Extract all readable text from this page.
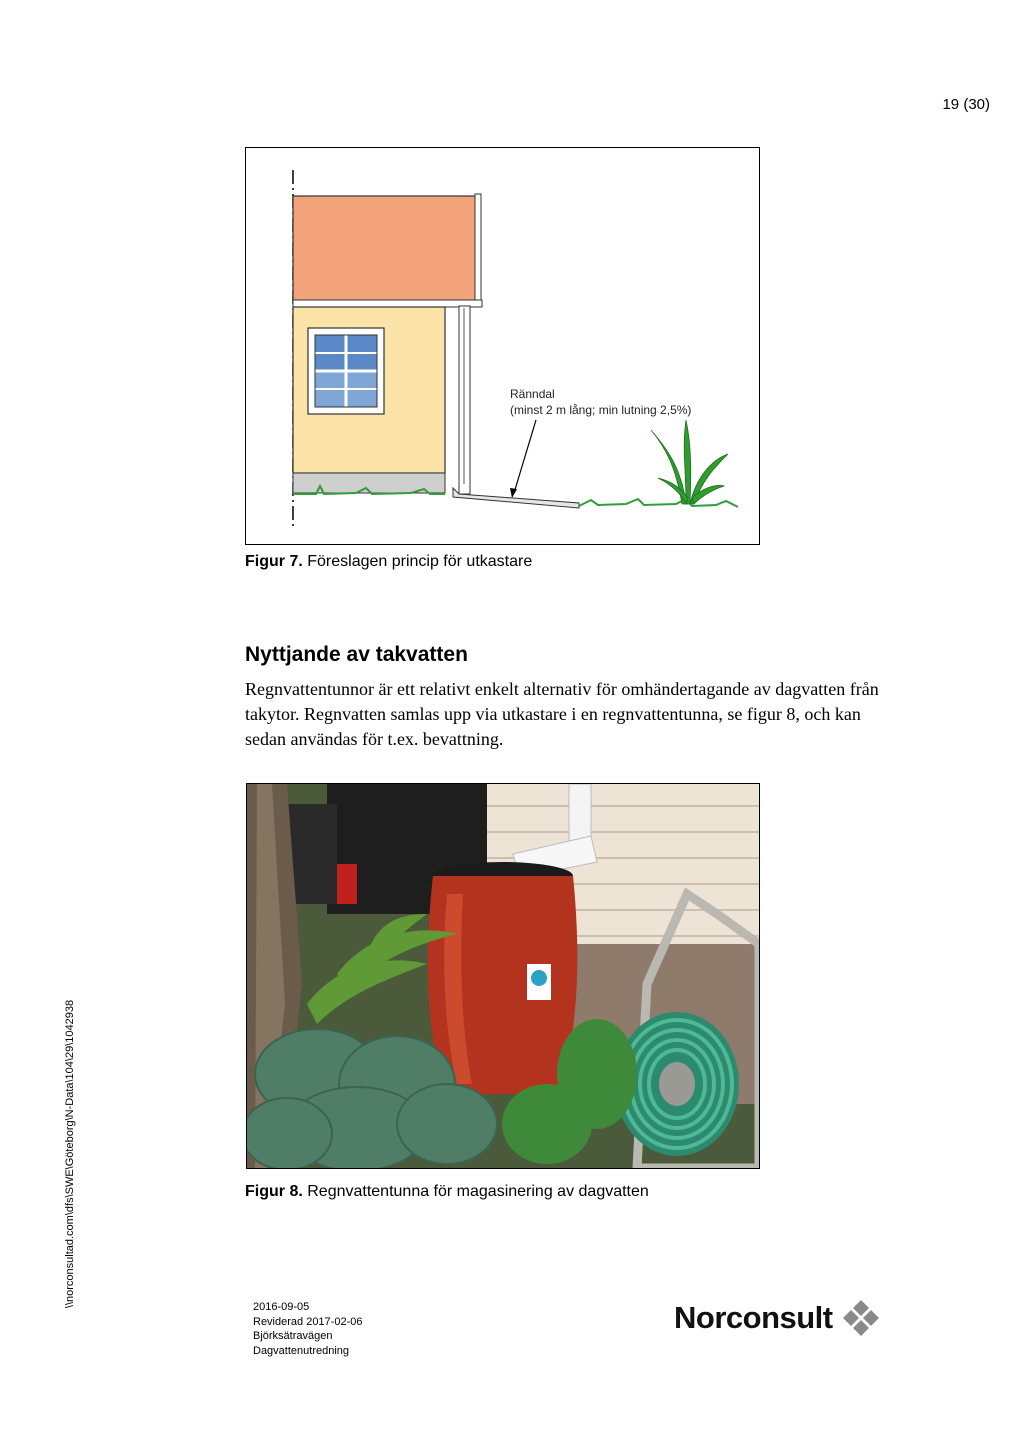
19 (30)
Ränndal
(minst 2 m lång; min lutning 2,5%)
Figur 7. Föreslagen princip för utkastare
Nyttjande av takvatten
Regnvattentunnor är ett relativt enkelt alternativ för omhändertagande av dagvatten från takytor. Regnvatten samlas upp via utkastare i en regnvattentunna, se figur 8, och kan sedan användas för t.ex. bevattning.
Figur 8. Regnvattentunna för magasinering av dagvatten
\\norconsultad.com\dfs\SWE\Göteborg\N-Data\104\29\1042938	2016-09-05
Reviderad 2017-02-06
Björksätravägen
Dagvattenutredning
Norconsult
